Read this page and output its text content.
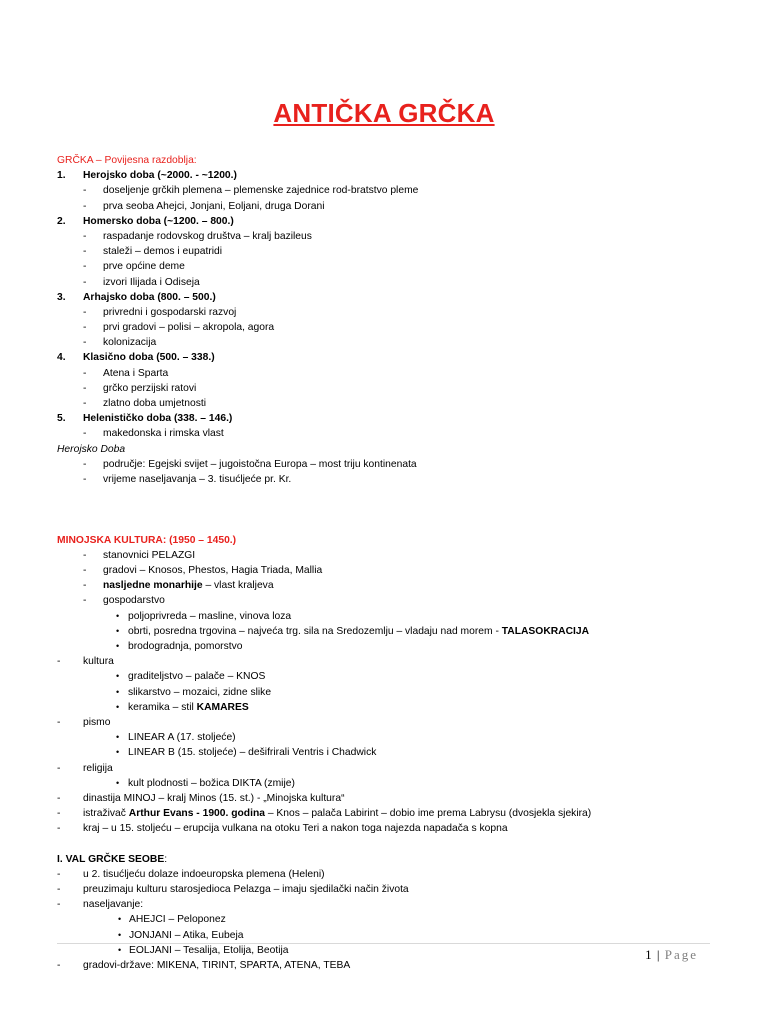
ANTIČKA GRČKA
GRČKA – Povijesna razdoblja:
1. Herojsko doba (~2000. - ~1200.)
- doseljenje grčkih plemena – plemenske zajednice rod-bratstvo pleme
- prva seoba Ahejci, Jonjani, Eoljani, druga Dorani
2. Homersko doba (~1200. – 800.)
- raspadanje rodovskog društva – kralj bazileus
- staleži – demos i eupatridi
- prve općine deme
- izvori Ilijada i Odiseja
3. Arhajsko doba (800. – 500.)
- privredni i gospodarski razvoj
- prvi gradovi – polisi – akropola, agora
- kolonizacija
4. Klasično doba (500. – 338.)
- Atena i Sparta
- grčko perzijski ratovi
- zlatno doba umjetnosti
5. Helenističko doba (338. – 146.)
- makedonska i rimska vlast
Herojsko Doba
- područje: Egejski svijet – jugoistočna Europa – most triju kontinenata
- vrijeme naseljavanja – 3. tisućljeće pr. Kr.
MINOJSKA KULTURA: (1950 – 1450.)
- stanovnici PELAZGI
- gradovi – Knosos, Phestos, Hagia Triada, Mallia
- nasljedne monarhije – vlast kraljeva
- gospodarstvo
• poljoprivreda – masline, vinova loza
• obrti, posredna trgovina – najveća trg. sila na Sredozemlju – vladaju nad morem - TALASOKRACIJA
• brodogradnja, pomorstvo
- kultura
• graditeljstvo – palače – KNOS
• slikarstvo – mozaici, zidne slike
• keramika – stil KAMARES
- pismo
• LINEAR A (17. stoljeće)
• LINEAR B (15. stoljeće) – dešifrirali Ventris i Chadwick
- religija
• kult plodnosti – božica DIKTA (zmije)
- dinastija MINOJ – kralj Minos (15. st.) - „Minojska kultura“
- istraživač Arthur Evans - 1900. godina – Knos – palača Labirint – dobio ime prema Labrysu (dvosjekla sjekira)
- kraj – u 15. stoljeću – erupcija vulkana na otoku Teri a nakon toga najezda napadača s kopna
I. VAL GRČKE SEOBE:
- u 2. tisućljeću dolaze indoeuropska plemena (Heleni)
- preuzimaju kulturu starosjedioca Pelazga – imaju sjedilački način života
- naseljavanje:
• AHEJCI – Peloponez
• JONJANI – Atika, Eubeja
• EOLJANI – Tesalija, Etolija, Beotija
- gradovi-države: MIKENA, TIRINT, SPARTA, ATENA, TEBA
1 | Page
